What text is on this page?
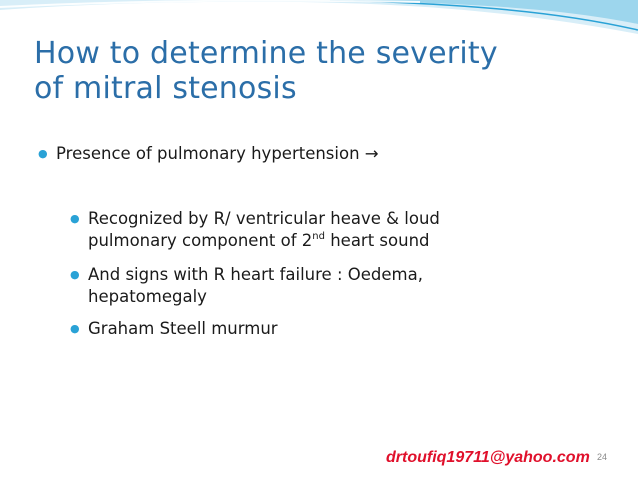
How to determine the severity
of mitral stenosis
● Presence of pulmonary hypertension →
● Recognized by R/ ventricular heave & loud
pulmonary component of 2nd heart sound
● And signs with R heart failure : Oedema,
hepatomegaly
● Graham Steell murmur
drtoufiq19711@yahoo.com 24
